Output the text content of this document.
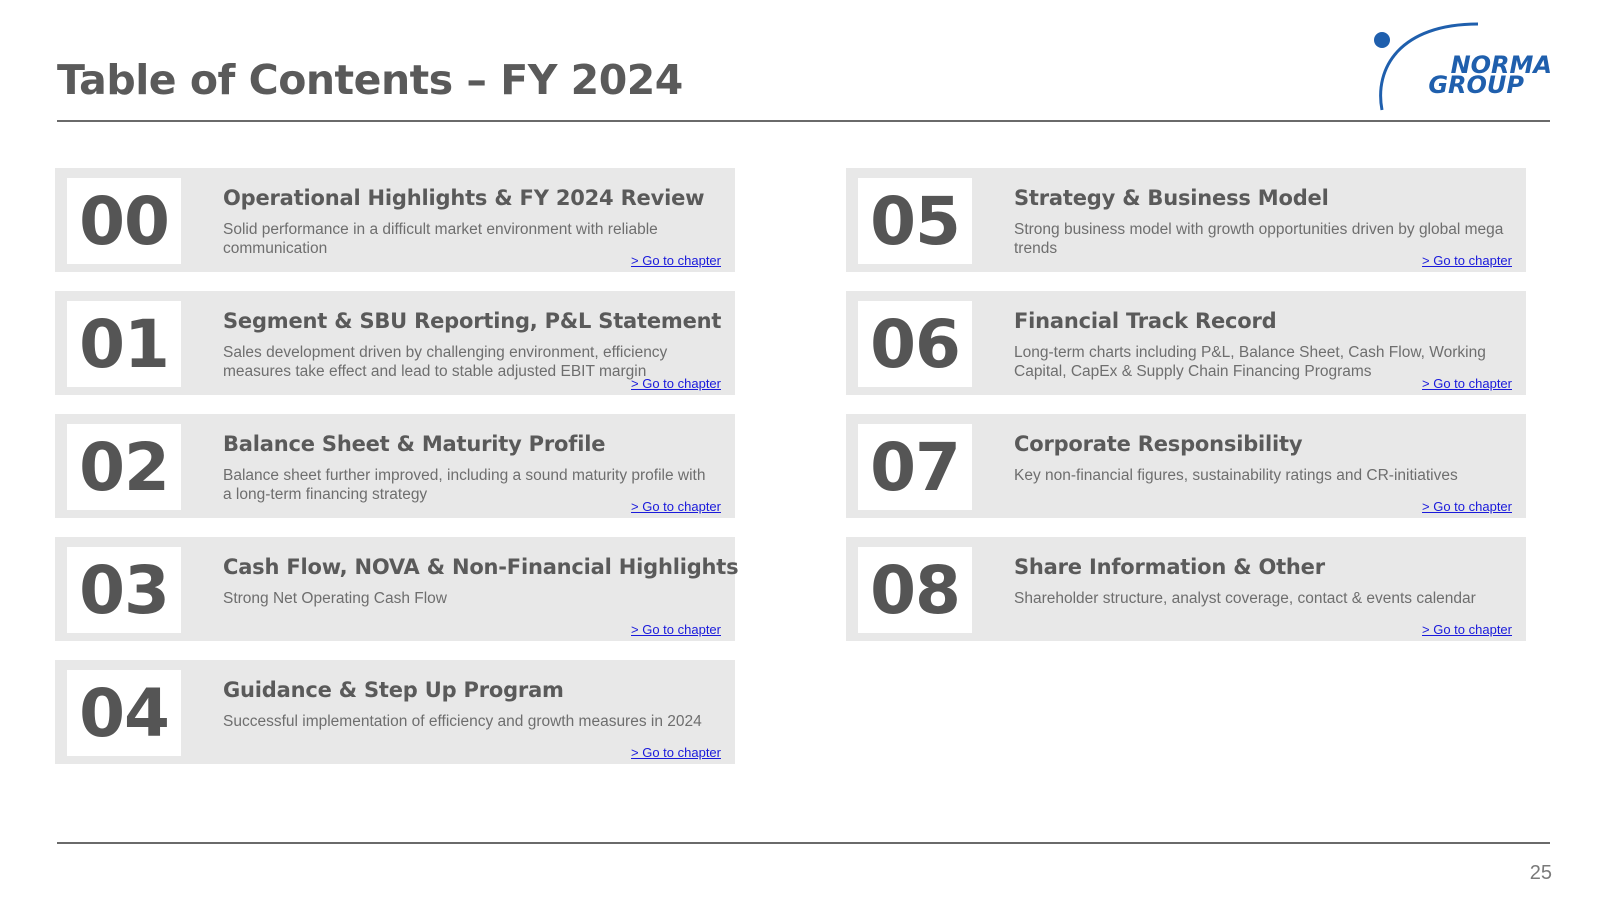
Table of Contents – FY 2024	NORMA
GROUP
00	Operational Highlights & FY 2024 Review
Solid performance in a difficult market environment with reliable communication
> Go to chapter
01	Segment & SBU Reporting, P&L Statement
Sales development driven by challenging environment, efficiency measures take effect and lead to stable adjusted EBIT margin
> Go to chapter
02	Balance Sheet & Maturity Profile
Balance sheet further improved, including a sound maturity profile with a long-term financing strategy
> Go to chapter
03	Cash Flow, NOVA & Non-Financial Highlights
Strong Net Operating Cash Flow
> Go to chapter
04	Guidance & Step Up Program
Successful implementation of efficiency and growth measures in 2024
> Go to chapter
05	Strategy & Business Model
Strong business model with growth opportunities driven by global mega trends
> Go to chapter
06	Financial Track Record
Long-term charts including P&L, Balance Sheet, Cash Flow, Working Capital, CapEx & Supply Chain Financing Programs
> Go to chapter
07	Corporate Responsibility
Key non-financial figures, sustainability ratings and CR-initiatives
> Go to chapter
08	Share Information & Other
Shareholder structure, analyst coverage, contact & events calendar
> Go to chapter
25
